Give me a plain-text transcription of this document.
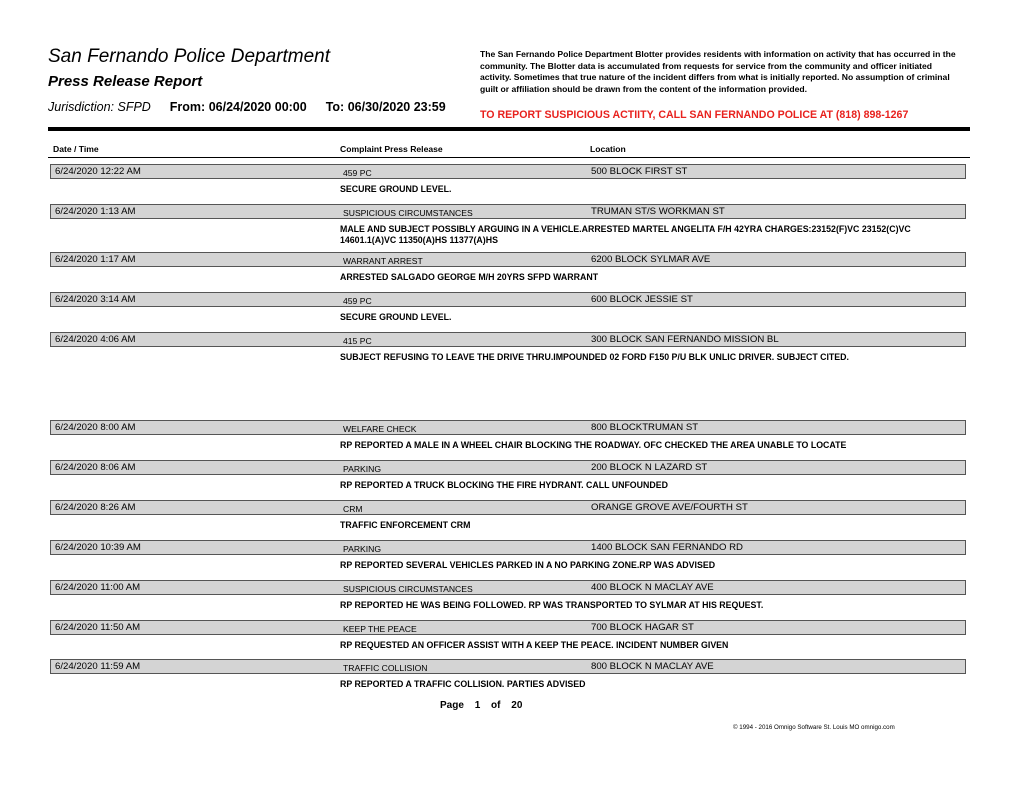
San Fernando Police Department
Press Release Report
Jurisdiction: SFPD From: 06/24/2020 00:00 To: 06/30/2020 23:59
The San Fernando Police Department Blotter provides residents with information on activity that has occurred in the community. The Blotter data is accumulated from requests for service from the community and officer initiated activity. Sometimes that true nature of the incident differs from what is initially reported. No assumption of criminal guilt or affiliation should be drawn from the content of the information provided.
TO REPORT SUSPICIOUS ACTIITY, CALL SAN FERNANDO POLICE AT (818) 898-1267
Date / Time	Complaint Press Release	Location
6/24/2020 12:22 AM	459 PC	500 BLOCK FIRST ST
SECURE GROUND LEVEL.
6/24/2020 1:13 AM	SUSPICIOUS CIRCUMSTANCES	TRUMAN ST/S WORKMAN ST
MALE AND SUBJECT POSSIBLY ARGUING IN A VEHICLE.ARRESTED MARTEL ANGELITA F/H 42YRA CHARGES:23152(F)VC 23152(C)VC 14601.1(A)VC 11350(A)HS 11377(A)HS
6/24/2020 1:17 AM	WARRANT ARREST	6200 BLOCK SYLMAR AVE
ARRESTED SALGADO GEORGE M/H 20YRS SFPD WARRANT
6/24/2020 3:14 AM	459 PC	600 BLOCK JESSIE ST
SECURE GROUND LEVEL.
6/24/2020 4:06 AM	415 PC	300 BLOCK SAN FERNANDO MISSION BL
SUBJECT REFUSING TO LEAVE THE DRIVE THRU.IMPOUNDED 02 FORD F150 P/U BLK UNLIC DRIVER. SUBJECT CITED.
6/24/2020 8:00 AM	WELFARE CHECK	800 BLOCKTRUMAN ST
RP REPORTED A MALE IN A WHEEL CHAIR BLOCKING THE ROADWAY. OFC CHECKED THE AREA UNABLE TO LOCATE
6/24/2020 8:06 AM	PARKING	200 BLOCK N LAZARD ST
RP REPORTED A TRUCK BLOCKING THE FIRE HYDRANT. CALL UNFOUNDED
6/24/2020 8:26 AM	CRM	ORANGE GROVE AVE/FOURTH ST
TRAFFIC ENFORCEMENT CRM
6/24/2020 10:39 AM	PARKING	1400 BLOCK SAN FERNANDO RD
RP REPORTED SEVERAL VEHICLES PARKED IN A NO PARKING ZONE.RP WAS ADVISED
6/24/2020 11:00 AM	SUSPICIOUS CIRCUMSTANCES	400 BLOCK N MACLAY AVE
RP REPORTED HE WAS BEING FOLLOWED. RP WAS TRANSPORTED TO SYLMAR AT HIS REQUEST.
6/24/2020 11:50 AM	KEEP THE PEACE	700 BLOCK HAGAR ST
RP REQUESTED AN OFFICER ASSIST WITH A KEEP THE PEACE. INCIDENT NUMBER GIVEN
6/24/2020 11:59 AM	TRAFFIC COLLISION	800 BLOCK N MACLAY AVE
RP REPORTED A TRAFFIC COLLISION. PARTIES ADVISED
Page 1 of 20
© 1994 - 2016 Omnigo Software St. Louis MO omnigo.com
